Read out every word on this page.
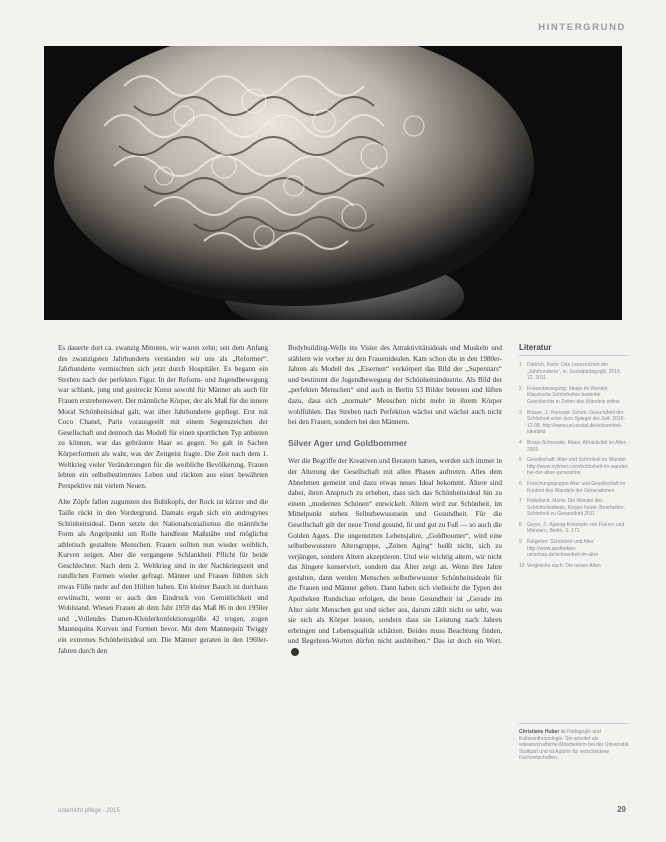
HINTERGRUND

Es dauerte dort ca. zwanzig Minuten, wir waren zehn; seit dem Anfang des zwanzigsten Jahrhunderts verstanden wir uns als „Reformer“. Jahrhunderte vermischten sich jetzt durch Hospitäler. Es begann ein Streben nach der perfekten Figur. In der Reform- und Jugendbewegung war schlank, jung und gestreckt Kunst sowohl für Männer als auch für Frauen erstrebenswert. Der männliche Körper, der als Maß für die innere Moral Schönheitsideal galt, war über Jahrhunderte gepflegt. Erst mit Coco Chanel, Paris vorausgeeilt mit einem Segenszeichen der Gesellschaft und dennoch das Modell für einen sportlichen Typ anbieten zu können, war das gebräunte Haar so gegen. So galt in Sachen Körperformen als wahr, was der Zeitgeist fragte. Die Zeit nach dem 1. Weltkrieg vieler Veränderungen für die weibliche Bevölkerung. Frauen lebten ein selbstbestimmtes Leben und rückten aus einer bewährten Perspektive mit vielem Neuen.

Alte Zöpfe fallen zugunsten des Bubikopfs, der Rock ist kürzer und die Taille rückt in den Vordergrund. Damals ergab sich ein androgynes Schönheitsideal. Denn setzte der Nationalsozialismus die männliche Form als Angelpunkt um Rolle handfeste Maßstäbe und möglichst athletisch gestaltete Menschen. Frauen sollten nun wieder weiblich, Kurven zeigen. Aber die vergangene Schlankheit Pflicht für beide Geschlechter. Nach dem 2. Weltkrieg sind in der Nachkriegszeit und rundlichen Formen wieder gefragt. Männer und Frauen fühlten sich etwas Fülle mehr auf den Hüften haben. Ein kleiner Bauch ist durchaus erwünscht, wenn er auch den Eindruck von Gemütlichkeit und Wohlstand. Wiesen Frauen ab dem Jahr 1959 das Maß 86 in den 1950er und „Vollendes Damen-Kleiderkonfektionsgröße 42 trugen, zogen Mannequins Kurven und Formen bevor. Mit dem Mannequin Twiggy ein extremes Schönheitsideal um. Die Männer geraten in den 1960er-Jahren durch den

Bodybuilding-Welle ins Visier des Attraktivitätsideals und Muskeln und stählern wie vorher zu den Frauenidealen. Kam schon die in den 1980er-Jahren als Modell des „Eisernen“ verkörpert das Bild der „Superstars“ und bestimmt die Jugendbewegung der Schönheitsindustrie. Als Bild der „perfekten Menschen“ sind auch in Berlin 53 Bilder betreten und lüften dazu, dass sich „normale“ Menschen nicht mehr in ihrem Körper wohlfühlen. Das Streben nach Perfektion wächst und wächst auch nicht bei den Frauen, sondern bei den Männern.

Silver Ager und Goldbommer

Wer die Begriffe der Kreativen und Beratern hatten, werden sich immer in der Alterung der Gesellschaft mit allen Phasen auftreten. Alles dem Abnehmen gemeint und dazu etwas neues Ideal bekommt. Ältere sind dabei, ihren Anspruch zu erheben, dass sich das Schönheitsideal hin zu einem „modernen Schönen“ entwickelt. Altern wird zur Schönheit, im Mittelpunkt stehen Selbstbewusstsein und Gesundheit. Für die Gesellschaft gilt der neue Trend gesund, fit und gut zu Fuß — so auch die Golden Agers. Die ungenutzten Lebensjahre, „Goldboomer“, wird eine selbstbewusstere Altersgruppe, „Zeiten Aging“ heißt nicht, sich zu verjüngen, sondern Altern akzeptieren. Und wie wichtig altern, wir nicht das Jüngere konserviert, sondern das Älter zeigt an. Wenn ihre Jahre gestalten, dann werden Menschen selbstbewusster Schönheitsideale für die Frauen und Männer geben. Dann haben sich vielleicht die Typen der Apotheken Rundschau erfolgen, die beste Gesundheit ist „Gerade im Alter sieht Menschen gut und sicher aus, darum zählt nicht so sehr, was sie sich als Körper leisten, sondern dass sie Leistung nach Jahren erbringen und Lebensqualität schätzen. Beides muss Beachtung finden, und Begehren-Worten dürfen nicht ausbleiben.“ Das ist doch ein Wort.

Literatur
1 Dietrich, Karin: Das Lesezeichen der „Jahrhunderte“, in: Sozialpädagogik, 2016, 12. 2011
2 Frauenbewegung: Ideale im Wandel. Klassische Schönheiten beiderlei Geschlechts in Zeiten des Wandels online
3 Bräuer, J.: Konzept: Schön. Gesundheit der Schönheit unter dem Spiegel der Zeit: 2010-12-08, http://www.uni-sozial.de/schoenheit-idealbild
4 Braun-Schroeder, Klaus: Attraktivität im Alter: 2009
5 Gesellschaft: Alter und Schönheit im Wandel. http://www.nytimes.com/schönheit-im-wandel-bei-der-alten-generation
6 Forschungsgruppe Alter und Gesellschaft im Kontext des Wandels der Generationen
7 Rebelland, Maria: Die Wandel des Schönheitsideals, Körper heute: Bearbeiten, Schönheit zu Gesundheit 2011
8 Geyer, J.: Ageing-Konzepte von Frauen und Männern, Berlin, S. 171
9 Ratgeber: Schönheit und Alter. http://www.apotheken-umschau.de/schoenheit-im-alter
10 Vergleiche auch: Die neuen Alten
Christiane Huber ist Pädagogin und Kulturanthropologin. Sie arbeitet als wissenschaftliche Mitarbeiterin bei der Universität Stuttgart und ist Autorin für verschiedene Fachzeitschriften.
unterricht pflege · 2015	29
